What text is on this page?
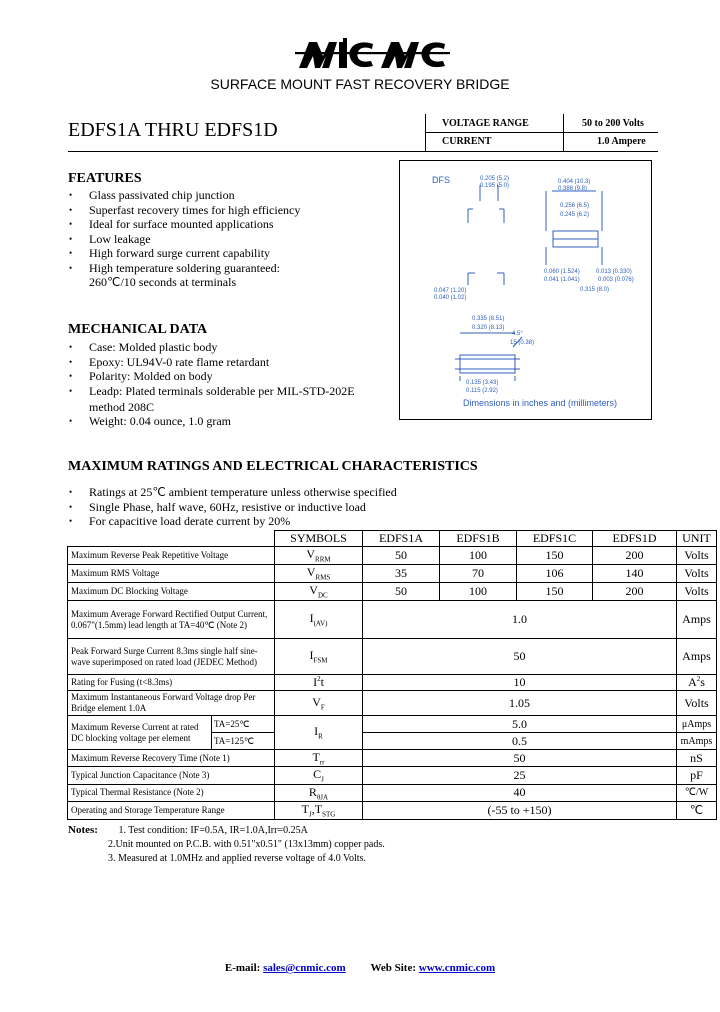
SURFACE MOUNT FAST RECOVERY BRIDGE
EDFS1A THRU EDFS1D	VOLTAGE RANGE	50 to 200 Volts
CURRENT	1.0 Ampere
FEATURES
• Glass passivated chip junction
• Superfast recovery times for high efficiency
• Ideal for surface mounted applications
• Low leakage
• High forward surge current capability
• High temperature soldering guaranteed:
260℃/10 seconds at terminals
MECHANICAL DATA
• Case: Molded plastic body
• Epoxy: UL94V-0 rate flame retardant
• Polarity: Molded on body
• Leadp: Plated terminals solderable per MIL-STD-202E
method 208C
• Weight: 0.04 ounce, 1.0 gram
0.205 (5.2)
0.195 (5.0)
0.404 (10.3)
0.386 (9.8)
0.256 (6.5)
0.245 (6.2)
0.060 (1.524)
0.041 (1.041)
0.013 (0.330)
0.003 (0.076)
0.047 (1.20)
0.040 (1.02)
0.315 (8.0)
0.335 (8.51)
0.320 (8.13)
4.5°
15 (0.38)
0.135 (3.43)
0.115 (2.92)
DFS
Dimensions in inches and (millimeters)
MAXIMUM RATINGS AND ELECTRICAL CHARACTERISTICS
• Ratings at 25℃ ambient temperature unless otherwise specified
• Single Phase, half wave, 60Hz, resistive or inductive load
• For capacitive load derate current by 20%
		SYMBOLS	EDFS1A	EDFS1B	EDFS1C	EDFS1D	UNIT
Maximum Reverse Peak Repetitive Voltage		$V_{RRM}$	50	100	150	200	Volts
Maximum RMS Voltage		$V_{RMS}$	35	70	106	140	Volts
Maximum DC Blocking Voltage		$V_{DC}$	50	100	150	200	Volts
Maximum Average Forward Rectified Output Current, 0.067"(1.5mm) lead length at TA=40℃ (Note 2)		$I_{(AV)}$	1.0				Amps
Peak Forward Surge Current 8.3ms single half sine-wave superimposed on rated load (JEDEC Method)		$I_{FSM}$	50				Amps
Rating for Fusing (t<8.3ms)		$I^2t$	10				$A^2s$
Maximum Instantaneous Forward Voltage drop Per Bridge element 1.0A		$V_F$	1.05				Volts
Maximum Reverse Current at rated DC blocking voltage per element	TA=25℃	$I_R$	5.0				μAmps
	TA=125℃		0.5				mAmps
Maximum Reverse Recovery Time (Note 1)		$T_{rr}$	50				nS
Typical Junction Capacitance (Note 3)		$C_J$	25				pF
Typical Thermal Resistance (Note 2)		$R_{\theta JA}$	40				℃/W
Operating and Storage Temperature Range		$T_J,T_{STG}$	(-55 to +150)				℃
Notes: 1. Test condition: IF=0.5A, IR=1.0A,Irr=0.25A
2.Unit mounted on P.C.B. with 0.51"x0.51" (13x13mm) copper pads.
3. Measured at 1.0MHz and applied reverse voltage of 4.0 Volts.
E-mail: sales@cnmic.com Web Site: www.cnmic.com
